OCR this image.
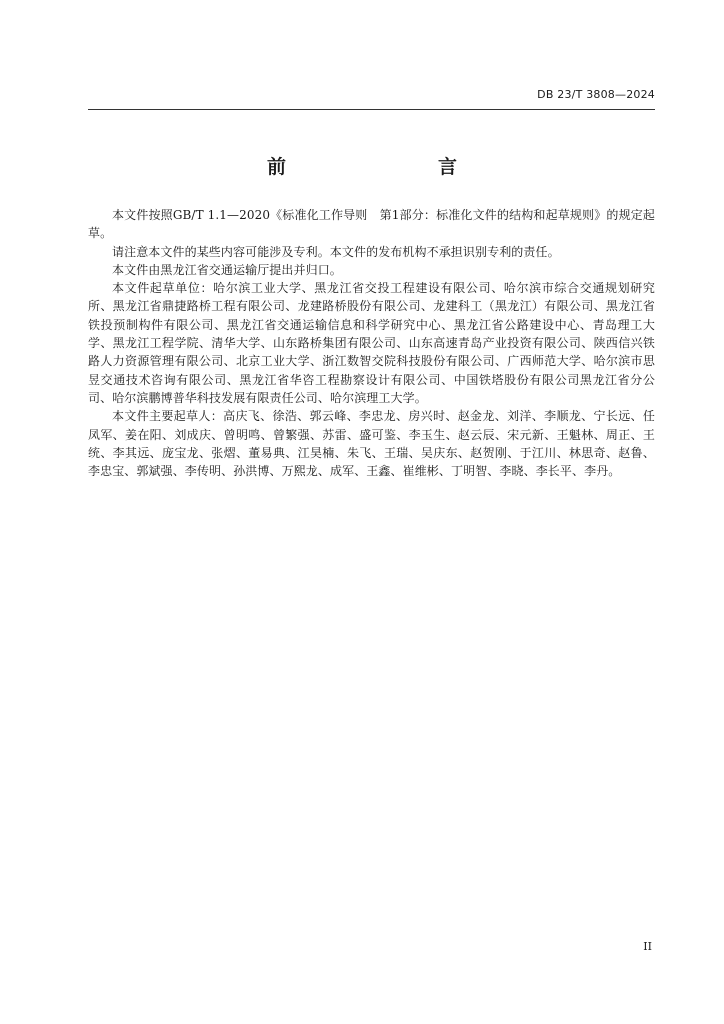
DB 23/T 3808—2024
前　　言

本文件按照GB/T 1.1—2020《标准化工作导则　第1部分：标准化文件的结构和起草规则》的规定起草。

请注意本文件的某些内容可能涉及专利。本文件的发布机构不承担识别专利的责任。

本文件由黑龙江省交通运输厅提出并归口。

本文件起草单位：哈尔滨工业大学、黑龙江省交投工程建设有限公司、哈尔滨市综合交通规划研究所、黑龙江省鼎捷路桥工程有限公司、龙建路桥股份有限公司、龙建科工（黑龙江）有限公司、黑龙江省铁投预制构件有限公司、黑龙江省交通运输信息和科学研究中心、黑龙江省公路建设中心、青岛理工大学、黑龙江工程学院、清华大学、山东路桥集团有限公司、山东高速青岛产业投资有限公司、陕西信兴铁路人力资源管理有限公司、北京工业大学、浙江数智交院科技股份有限公司、广西师范大学、哈尔滨市思昱交通技术咨询有限公司、黑龙江省华咨工程勘察设计有限公司、中国铁塔股份有限公司黑龙江省分公司、哈尔滨鹏博普华科技发展有限责任公司、哈尔滨理工大学。

本文件主要起草人：高庆飞、徐浩、郭云峰、李忠龙、房兴时、赵金龙、刘洋、李顺龙、宁长远、任凤军、姜在阳、刘成庆、曾明鸣、曾繁强、苏雷、盛可鉴、李玉生、赵云辰、宋元新、王魁林、周正、王统、李其远、庞宝龙、张熠、董易典、江昊楠、朱飞、王瑞、吴庆东、赵贺刚、于江川、林思奇、赵鲁、李忠宝、郭斌强、李传明、孙洪博、万熙龙、成军、王鑫、崔维彬、丁明智、李晓、李长平、李丹。

II
